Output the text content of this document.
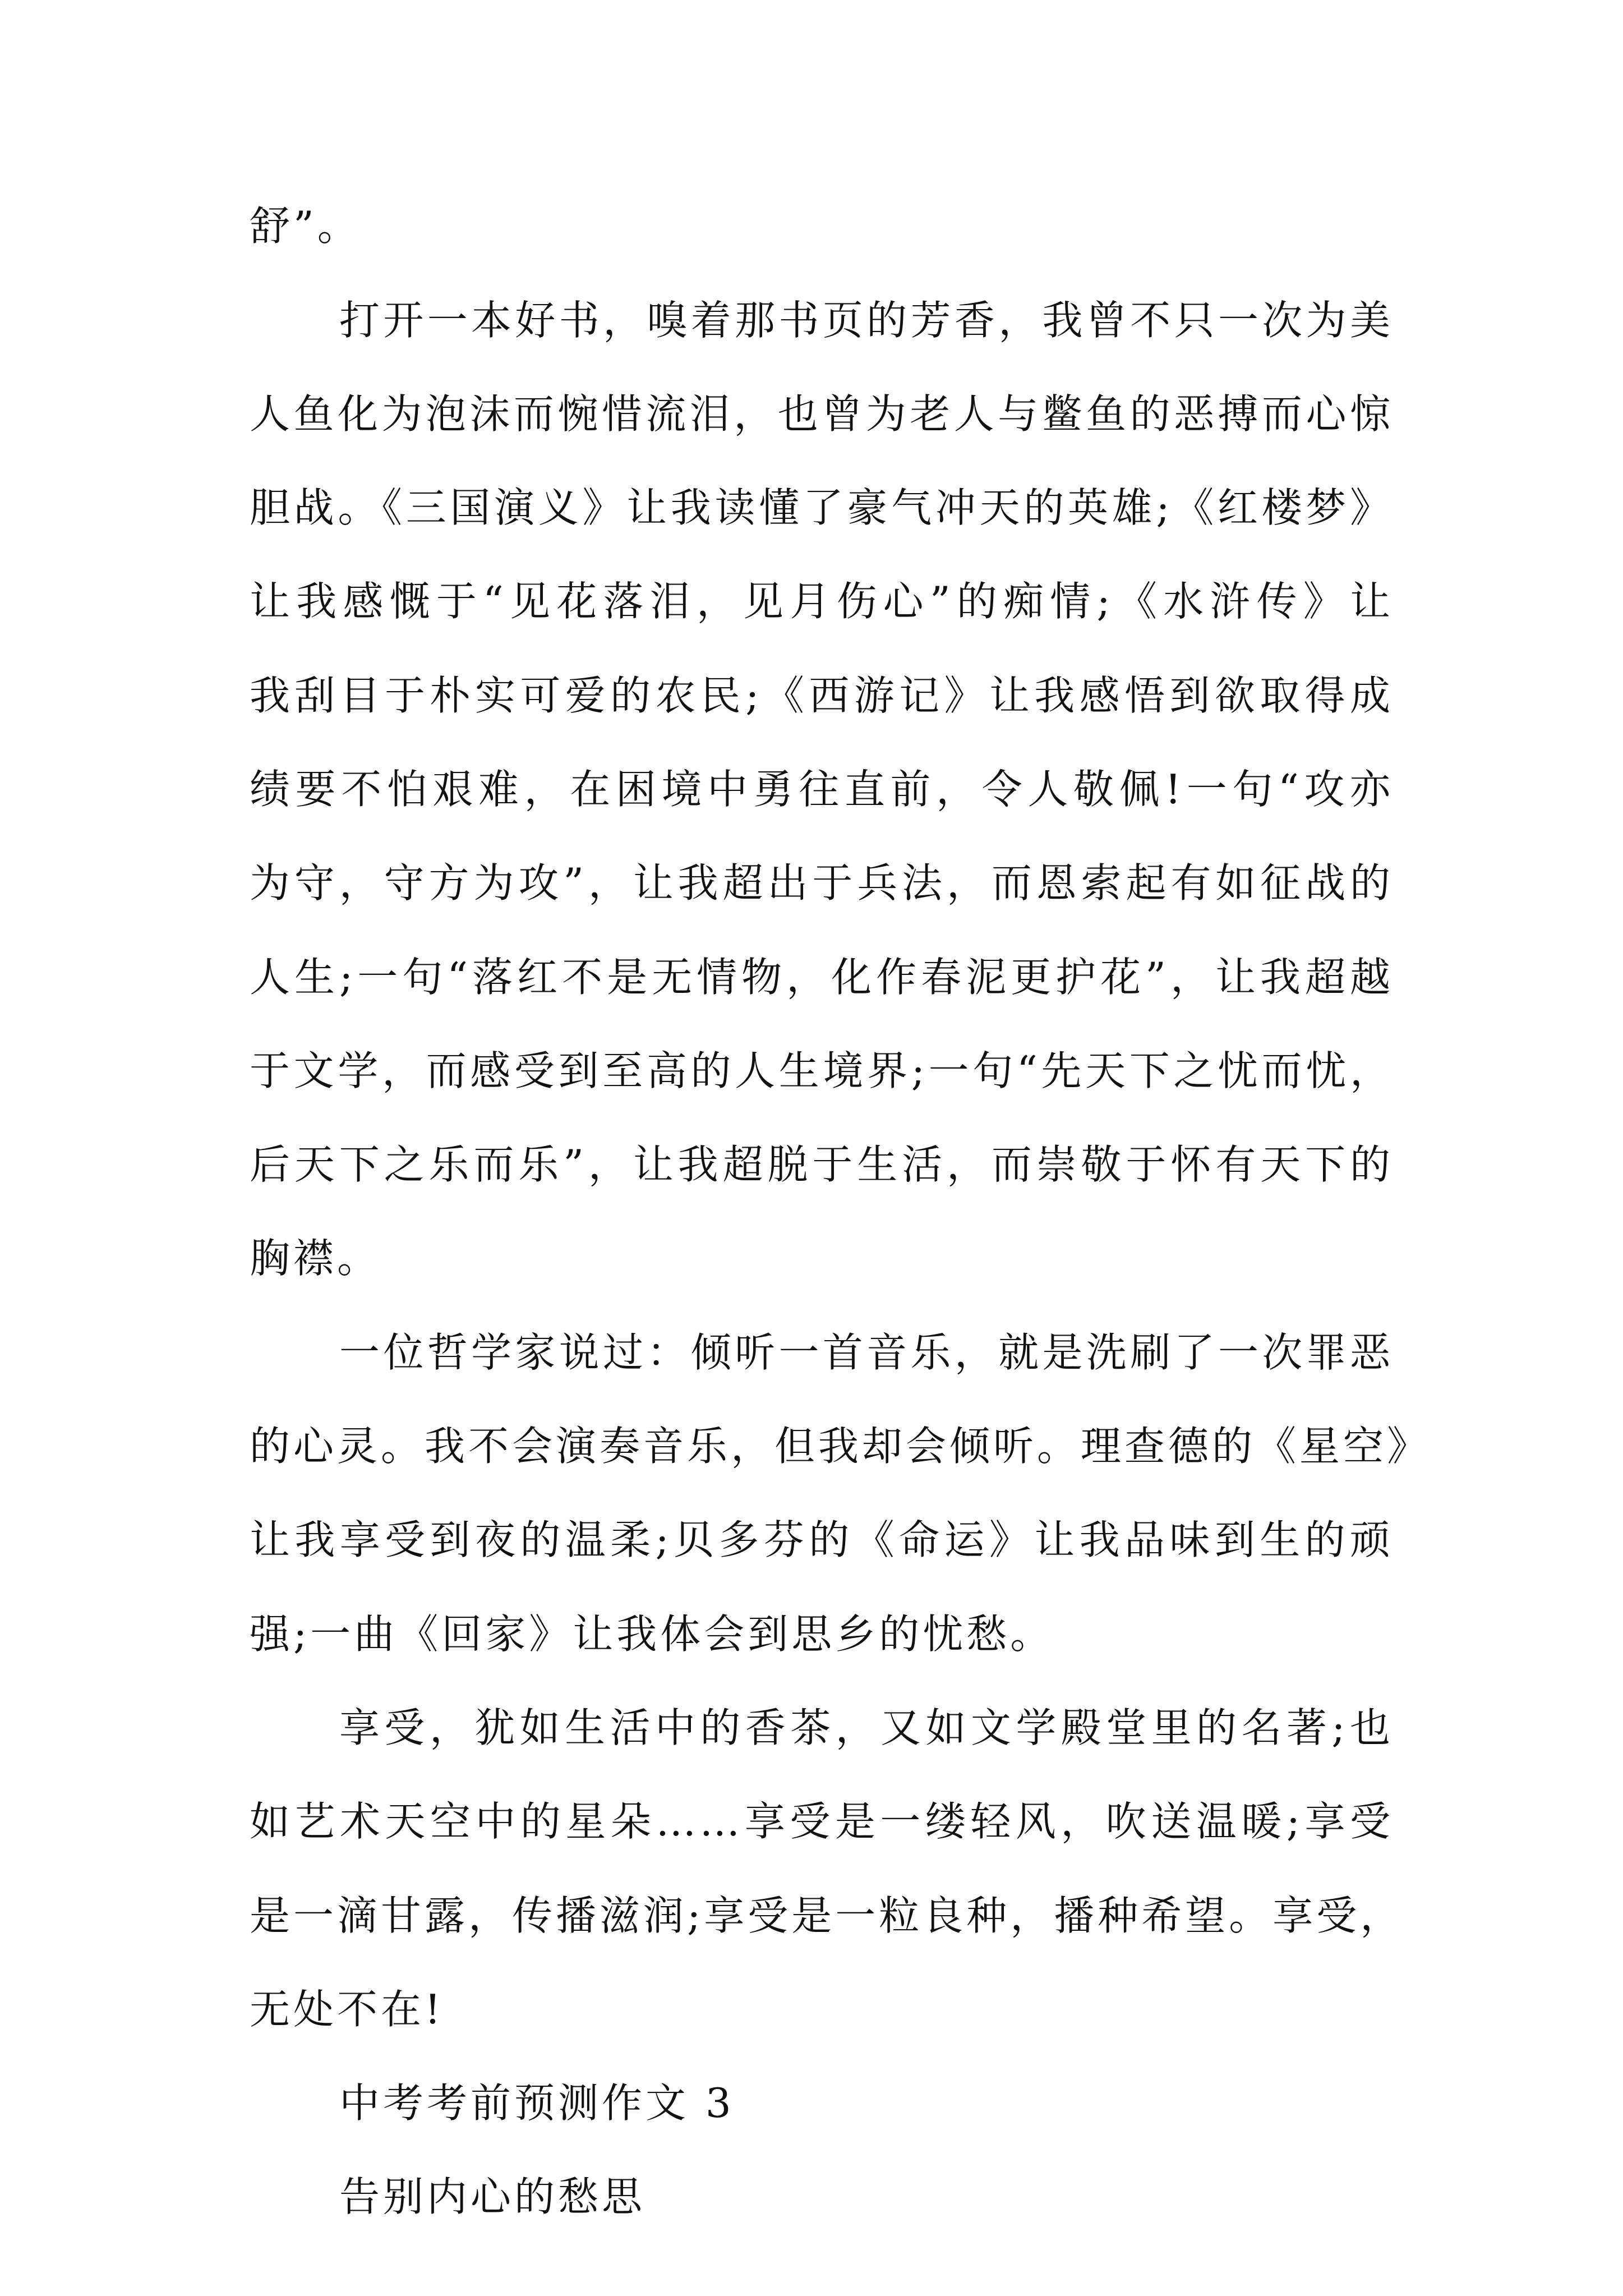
舒”。
打开一本好书，嗅着那书页的芳香，我曾不只一次为美
人鱼化为泡沫而惋惜流泪，也曾为老人与鳖鱼的恶搏而心惊
胆战。《三国演义》让我读懂了豪气冲天的英雄;《红楼梦》
让我感慨于“见花落泪，见月伤心”的痴情;《水浒传》让
我刮目于朴实可爱的农民;《西游记》让我感悟到欲取得成
绩要不怕艰难，在困境中勇往直前，令人敬佩!一句“攻亦
为守，守方为攻”，让我超出于兵法，而恩索起有如征战的
人生;一句“落红不是无情物，化作春泥更护花”，让我超越
于文学，而感受到至高的人生境界;一句“先天下之忧而忧，
后天下之乐而乐”，让我超脱于生活，而崇敬于怀有天下的
胸襟。
一位哲学家说过：倾听一首音乐，就是洗刷了一次罪恶
的心灵。我不会演奏音乐，但我却会倾听。理查德的《星空》
让我享受到夜的温柔;贝多芬的《命运》让我品味到生的顽
强;一曲《回家》让我体会到思乡的忧愁。
享受，犹如生活中的香茶，又如文学殿堂里的名著;也
如艺术天空中的星朵……享受是一缕轻风，吹送温暖;享受
是一滴甘露，传播滋润;享受是一粒良种，播种希望。享受，
无处不在!
中考考前预测作文 3
告别内心的愁思
